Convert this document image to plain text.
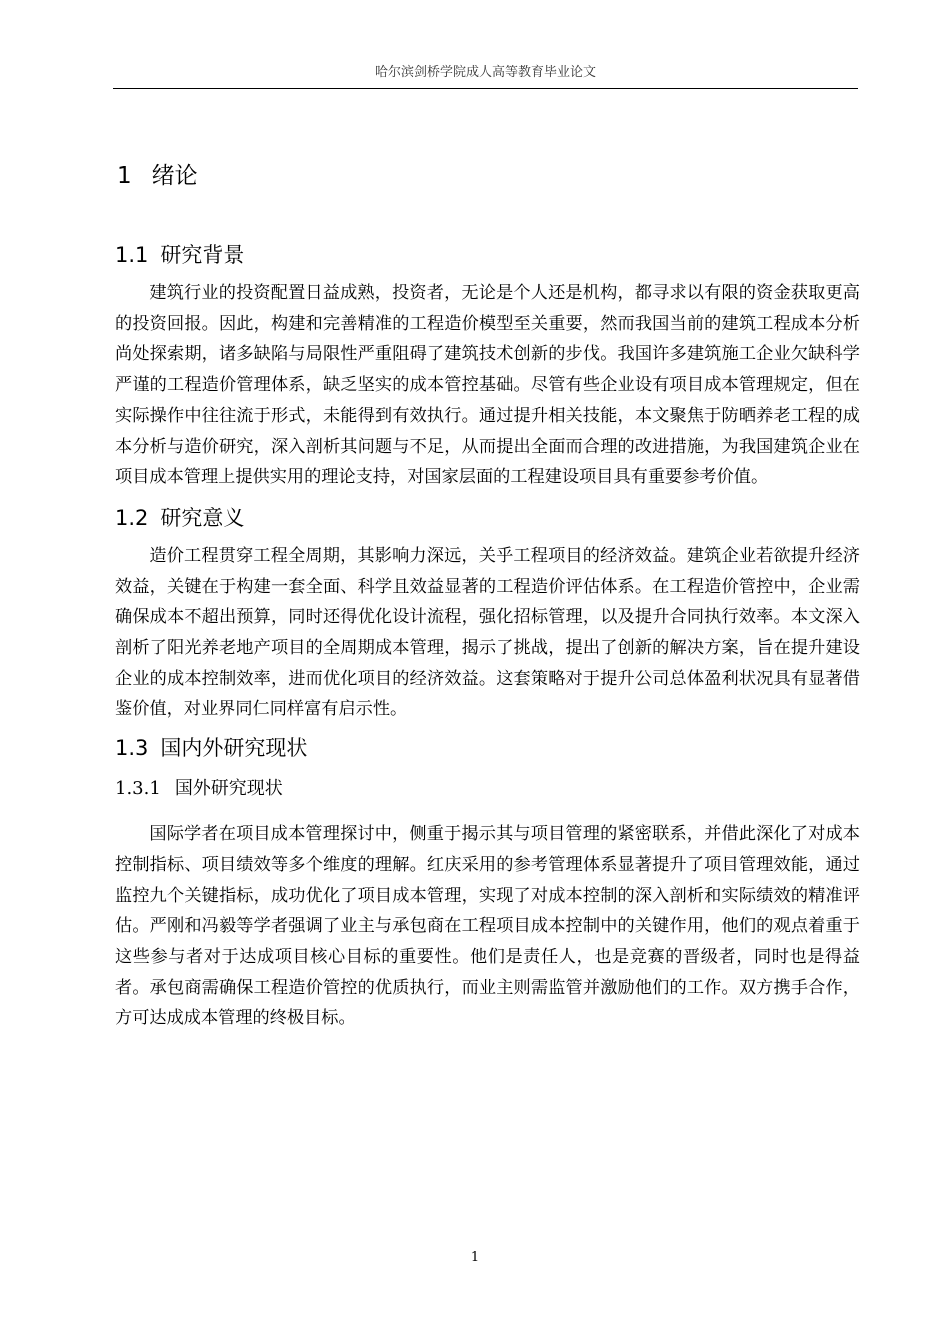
哈尔滨剑桥学院成人高等教育毕业论文
1 绪论
1.1 研究背景

建筑行业的投资配置日益成熟，投资者，无论是个人还是机构，都寻求以有限的资金获取更高的投资回报。因此，构建和完善精准的工程造价模型至关重要，然而我国当前的建筑工程成本分析尚处探索期，诸多缺陷与局限性严重阻碍了建筑技术创新的步伐。我国许多建筑施工企业欠缺科学严谨的工程造价管理体系，缺乏坚实的成本管控基础。尽管有些企业设有项目成本管理规定，但在实际操作中往往流于形式，未能得到有效执行。通过提升相关技能，本文聚焦于防晒养老工程的成本分析与造价研究，深入剖析其问题与不足，从而提出全面而合理的改进措施，为我国建筑企业在项目成本管理上提供实用的理论支持，对国家层面的工程建设项目具有重要参考价值。

1.2 研究意义

造价工程贯穿工程全周期，其影响力深远，关乎工程项目的经济效益。建筑企业若欲提升经济效益，关键在于构建一套全面、科学且效益显著的工程造价评估体系。在工程造价管控中，企业需确保成本不超出预算，同时还得优化设计流程，强化招标管理，以及提升合同执行效率。本文深入剖析了阳光养老地产项目的全周期成本管理，揭示了挑战，提出了创新的解决方案，旨在提升建设企业的成本控制效率，进而优化项目的经济效益。这套策略对于提升公司总体盈利状况具有显著借鉴价值，对业界同仁同样富有启示性。

1.3 国内外研究现状
1.3.1 国外研究现状

国际学者在项目成本管理探讨中，侧重于揭示其与项目管理的紧密联系，并借此深化了对成本控制指标、项目绩效等多个维度的理解。红庆采用的参考管理体系显著提升了项目管理效能，通过监控九个关键指标，成功优化了项目成本管理，实现了对成本控制的深入剖析和实际绩效的精准评估。严刚和冯毅等学者强调了业主与承包商在工程项目成本控制中的关键作用，他们的观点着重于这些参与者对于达成项目核心目标的重要性。他们是责任人，也是竞赛的晋级者，同时也是得益者。承包商需确保工程造价管控的优质执行，而业主则需监管并激励他们的工作。双方携手合作，方可达成成本管理的终极目标。

1
